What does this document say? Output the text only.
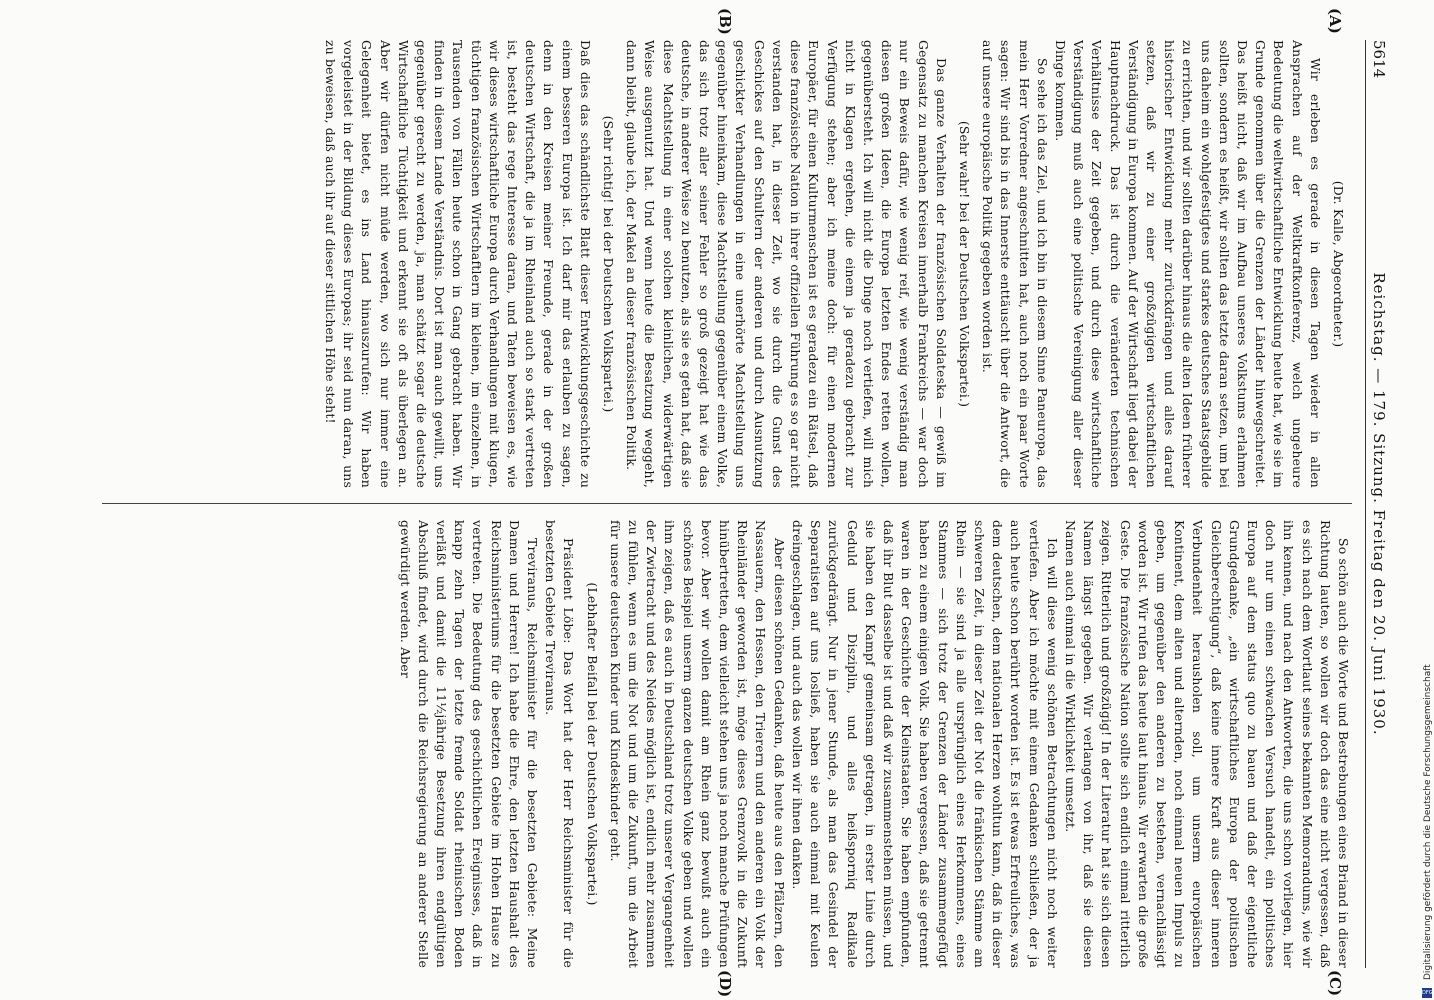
5614
Reichstag. — 179. Sitzung. Freitag den 20. Juni 1930.
(A)
(B)
(C)
(D)

(Dr. Kalle, Abgeordneter.)

Wir erleben es gerade in diesen Tagen wieder in allen Ansprachen auf der Weltkraftkonferenz, welch ungeheure Bedeutung die weltwirtschaftliche Entwicklung heute hat, wie sie im Grunde genommen über die Grenzen der Länder hinwegschreitet. Das heißt nicht, daß wir im Aufbau unseres Volkstums erlahmen sollten, sondern es heißt, wir sollten das letzte daran setzen, um bei uns daheim ein wohlgefestigtes und starkes deutsches Staatsgebilde zu errichten, und wir sollten darüber hinaus die alten Ideen früherer historischer Entwicklung mehr zurückdrängen und alles darauf setzen, daß wir zu einer großzügigen wirtschaftlichen Verständigung in Europa kommen. Auf der Wirtschaft liegt dabei der Hauptnachdruck. Das ist durch die veränderten technischen Verhältnisse der Zeit gegeben, und durch diese wirtschaftliche Verständigung muß auch eine politische Vereinigung aller dieser Dinge kommen.

So sehe ich das Ziel, und ich bin in diesem Sinne Paneuropa, das mein Herr Vorredner angeschnitten hat, auch noch ein paar Worte sagen: Wir sind bis in das Innerste enttäuscht über die Antwort, die auf unsere europäische Politik gegeben worden ist.

(Sehr wahr! bei der Deutschen Volkspartei.)

Das ganze Verhalten der französischen Soldateska — gewiß im Gegensatz zu manchen Kreisen innerhalb Frankreichs — war doch nur ein Beweis dafür, wie wenig reif, wie wenig verständig man diesen großen Ideen, die Europa letzten Endes retten wollen, gegenübersteht. Ich will nicht die Dinge noch vertiefen, will mich nicht in Klagen ergehen, die einem ja geradezu gebracht zur Verfügung stehen; aber ich meine doch: für einen modernen Europäer, für einen Kulturmenschen ist es geradezu ein Rätsel, daß diese französische Nation in ihrer offiziellen Führung es so gar nicht verstanden hat, in dieser Zeit, wo sie durch die Gunst des Geschickes auf den Schultern der anderen und durch Ausnutzung geschickter Verhandlungen in eine unerhörte Machtstellung uns gegenüber hineinkam, diese Machtstellung gegenüber einem Volke, das sich trotz aller seiner Fehler so groß gezeigt hat wie das deutsche, in anderer Weise zu benutzen, als sie es getan hat, daß sie diese Machtstellung in einer solchen kleinlichen, widerwärtigen Weise ausgenutzt hat. Und wenn heute die Besatzung weggeht, dann bleibt, glaube ich, der Makel an dieser französischen Politik.

(Sehr richtig! bei der Deutschen Volkspartei.)

Daß dies das schändlichste Blatt dieser Entwicklungsgeschichte zu einem besseren Europa ist. Ich darf mir das erlauben zu sagen, denn in den Kreisen meiner Freunde, gerade in der großen deutschen Wirtschaft, die ja im Rheinland auch so stark vertreten ist, besteht das rege Interesse daran, und Taten beweisen es, wie wir dieses wirtschaftliche Europa durch Verhandlungen mit klugen, tüchtigen französischen Wirtschaftlern im kleinen, im einzelnen, in Tausenden von Fällen heute schon in Gang gebracht haben. Wir finden in diesem Lande Verständnis. Dort ist man auch gewillt, uns gegenüber gerecht zu werden, ja, man schätzt sogar die deutsche Wirtschaftliche Tüchtigkeit und erkennt sie oft als überlegen an. Aber wir dürfen nicht müde werden, wo sich nur immer eine Gelegenheit bietet, es ins Land hinauszurufen: Wir haben vorgeleistet in der Bildung dieses Europas; ihr seid nun daran, uns zu beweisen, daß auch ihr auf dieser sittlichen Höhe steht!

So schön auch die Worte und Bestrebungen eines Briand in dieser Richtung lauten, so wollen wir doch das eine nicht vergessen, daß es sich nach dem Wortlaut seines bekannten Memorandums, wie wir ihn kennen, und nach den Antworten, die uns schon vorliegen, hier doch nur um einen schwachen Versuch handelt, ein politisches Europa auf dem status quo zu bauen und daß der eigentliche Grundgedanke, „ein wirtschaftliches Europa der politischen Gleichberechtigung“, daß keine innere Kraft aus dieser inneren Verbundenheit herausholen soll, um unserm europäischen Kontinent, dem alten und alternden, noch einmal neuen Impuls zu geben, um gegenüber den anderen zu bestehen, vernachlässigt worden ist. Wir rufen das heute laut hinaus. Wir erwarten die große Geste. Die französische Nation sollte sich endlich einmal ritterlich zeigen. Ritterlich und großzügig! In der Literatur hat sie sich diesen Namen längst gegeben. Wir verlangen von ihr, daß sie diesen Namen auch einmal in die Wirklichkeit umsetzt.

Ich will diese wenig schönen Betrachtungen nicht noch weiter vertiefen. Aber ich möchte mit einem Gedanken schließen, der ja auch heute schon berührt worden ist. Es ist etwas Erfreuliches, was dem deutschen, dem nationalen Herzen wohltun kann, daß in dieser schweren Zeit, in dieser Zeit der Not die fränkischen Stämme am Rhein — sie sind ja alle ursprünglich eines Herkommens, eines Stammes — sich trotz der Grenzen der Länder zusammengefügt haben zu einem einigen Volk. Sie haben vergessen, daß sie getrennt waren in der Geschichte der Kleinstaaten. Sie haben empfunden, daß ihr Blut dasselbe ist und daß wir zusammenstehen müssen, und sie haben den Kampf gemeinsam getragen, in erster Linie durch Geduld und Disziplin, und alles heißsporniq Radikale zurückgedrängt. Nur in jener Stunde, als man das Gesindel der Separatisten auf uns losließ, haben sie auch einmal mit Keulen dreingeschlagen, und auch das wollen wir ihnen danken.

Aber diesen schönen Gedanken, daß heute aus den Pfälzern, den Nassauern, den Hessen, den Trierern und den anderen ein Volk der Rheinländer geworden ist, möge dieses Grenzvolk in die Zukunft hinübertretten, dem vielleicht stehen uns ja noch manche Prüfungen bevor. Aber wir wollen damit am Rhein ganz bewußt auch ein schönes Beispiel unserm ganzen deutschen Volke geben und wollen ihm zeigen, daß es auch in Deutschland trotz unserer Vergangenheit der Zwietracht und des Neides möglich ist, endlich mehr zusammen zu fühlen, wenn es um die Not und um die Zukunft, um die Arbeit für unsere deutschen Kinder und Kindeskinder geht.

(Lebhafter Beifall bei der Deutschen Volkspartei.)

Präsident Löbe: Das Wort hat der Herr Reichsminister für die besetzten Gebiete Treviranus.

Treviranus, Reichsminister für die besetzten Gebiete: Meine Damen und Herren! Ich habe die Ehre, den letzten Haushalt des Reichsministeriums für die besetzten Gebiete im Hohen Hause zu vertreten. Die Bedeutung des geschichtlichen Ereignisses, daß in knapp zehn Tagen der letzte fremde Soldat rheinischen Boden verläßt und damit die 11½jährige Besetzung ihren endgültigen Abschluß findet, wird durch die Reichsregierung an anderer Stelle gewürdigt werden. Aber

Digitalisierung gefördert durch die Deutsche Forschungsgemeinschaft
DFG
